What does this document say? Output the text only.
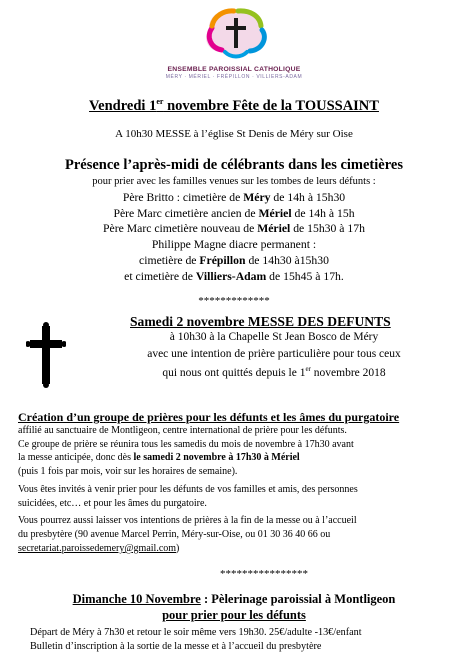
ENSEMBLE PAROISSIAL CATHOLIQUE
MÉRY · MÉRIEL · FRÉPILLON · VILLIERS-ADAM
Vendredi 1er novembre Fête de la TOUSSAINT
A 10h30 MESSE à l’église St Denis de Méry sur Oise
Présence l’après-midi de célébrants dans les cimetières
pour prier avec les familles venues sur les tombes de leurs défunts :
Père Britto : cimetière de Méry de 14h à 15h30
Père Marc cimetière ancien de Mériel de 14h à 15h
Père Marc cimetière nouveau de Mériel de 15h30 à 17h
Philippe Magne diacre permanent :
cimetière de Frépillon de 14h30 à15h30
et cimetière de Villiers-Adam de 15h45 à 17h.
*************
Samedi 2 novembre MESSE DES DEFUNTS
à 10h30 à la Chapelle St Jean Bosco de Méry
avec une intention de prière particulière pour tous ceux
qui nous ont quittés depuis le 1er novembre 2018
Création d’un groupe de prières pour les défunts et les âmes du purgatoire
affilié au sanctuaire de Montligeon, centre international de prière pour les défunts.
Ce groupe de prière se réunira tous les samedis du mois de novembre à 17h30 avant
la messe anticipée, donc dès le samedi 2 novembre à 17h30 à Mériel
(puis 1 fois par mois, voir sur les horaires de semaine).
Vous êtes invités à venir prier pour les défunts de vos familles et amis, des personnes
suicidées, etc… et pour les âmes du purgatoire.
Vous pourrez aussi laisser vos intentions de prières à la fin de la messe ou à l’accueil
du presbytère (90 avenue Marcel Perrin, Méry-sur-Oise, ou 01 30 36 40 66 ou
secretariat.paroissedemery@gmail.com)
****************
Dimanche 10 Novembre : Pèlerinage paroissial à Montligeon
pour prier pour les défunts
Départ de Méry à 7h30 et retour le soir même vers 19h30. 25€/adulte -13€/enfant
Bulletin d’inscription à la sortie de la messe et à l’accueil du presbytère
